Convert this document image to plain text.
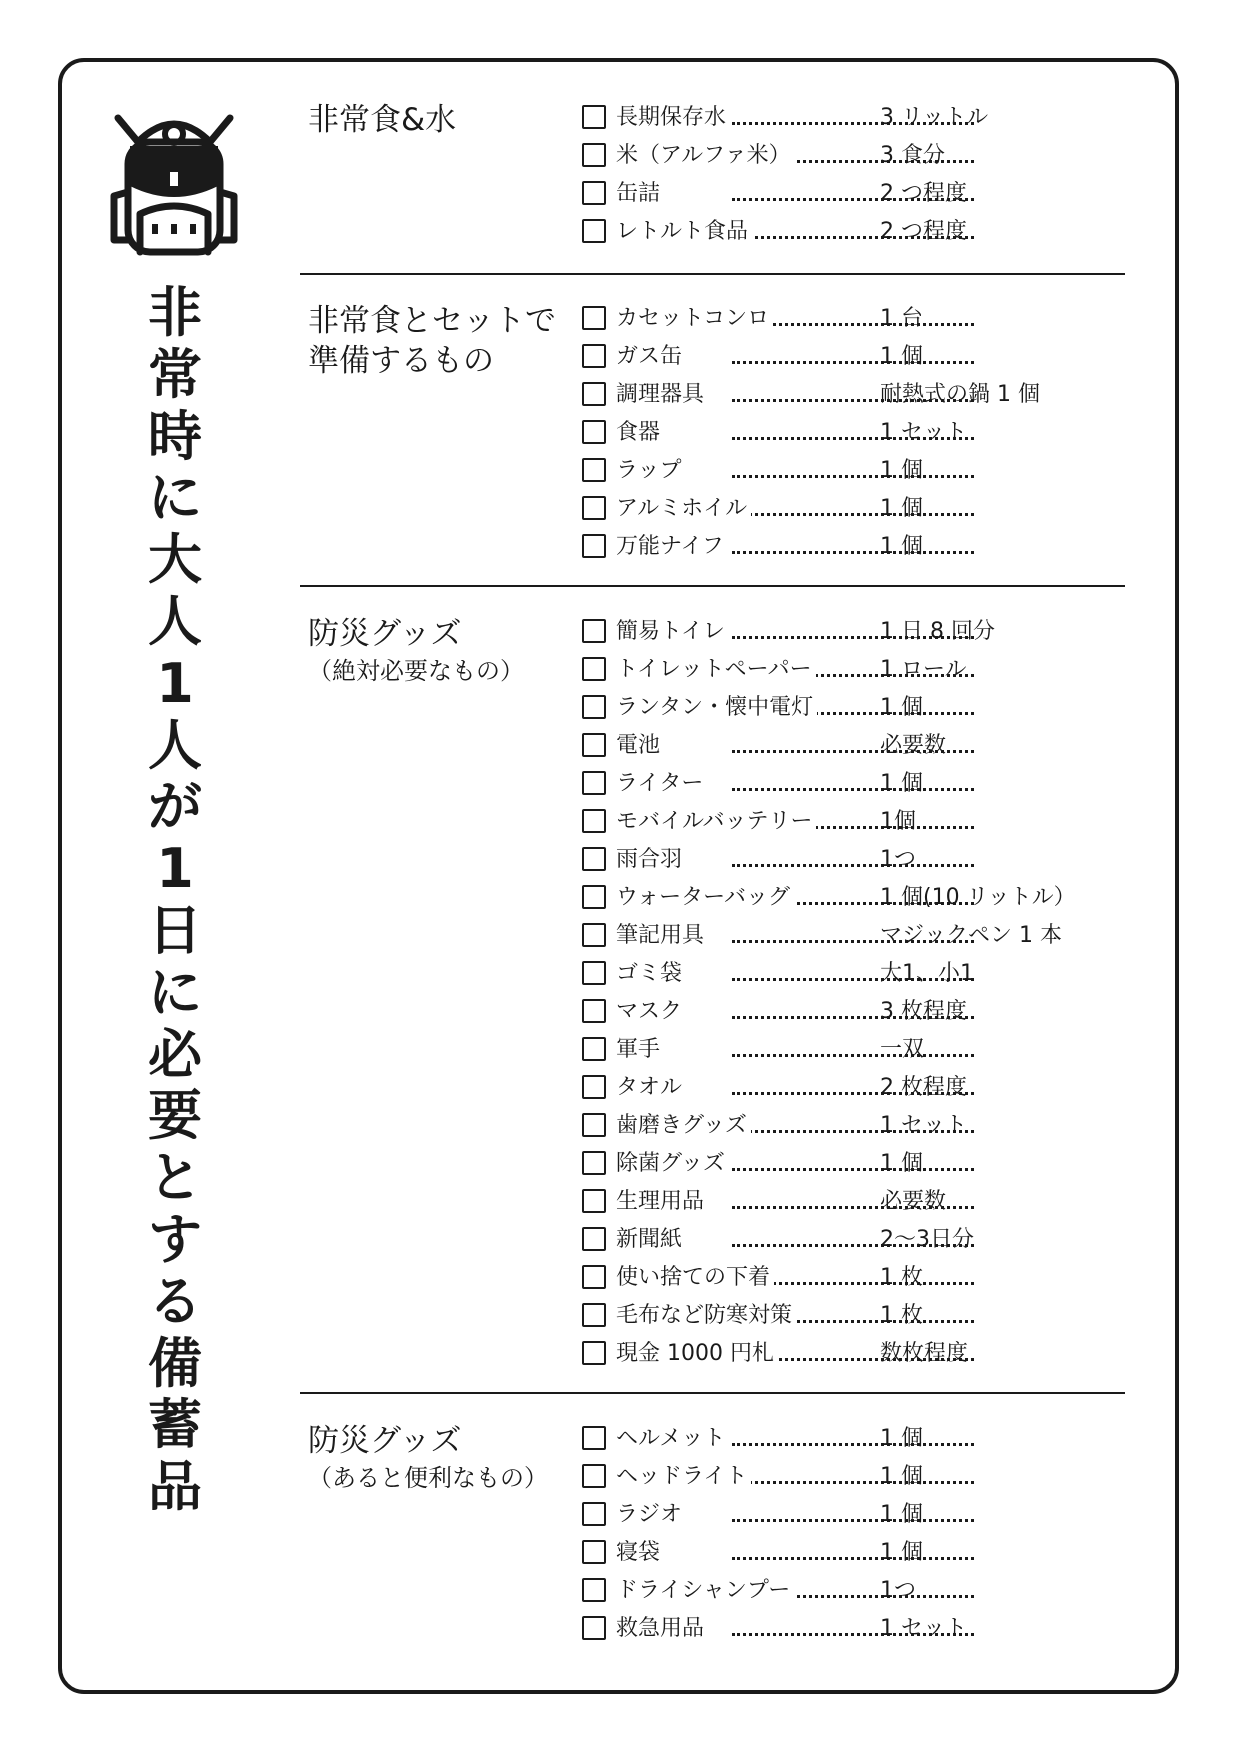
非
常
時
に
大
人
1
人
が
1
日
に
必
要
と
す
る
備
蓄
品
非常食&水	長期保存水	3 リットル
米（アルファ米）	3 食分
缶詰	2 つ程度
レトルト食品	2 つ程度
非常食とセットで
準備するもの
カセットコンロ	1 台
ガス缶	1 個
調理器具	耐熱式の鍋 1 個
食器	1 セット
ラップ	1 個
アルミホイル	1 個
万能ナイフ	1 個
防災グッズ
（絶対必要なもの）
簡易トイレ	1 日 8 回分
トイレットペーパー	1 ロール
ランタン・懐中電灯	1 個
電池	必要数
ライター	1 個
モバイルバッテリー	1個
雨合羽	1つ
ウォーターバッグ	1 個(10 リットル）
筆記用具	マジックペン 1 本
ゴミ袋	大1、小1
マスク	3 枚程度
軍手	一双
タオル	2 枚程度
歯磨きグッズ	1 セット
除菌グッズ	1 個
生理用品	必要数
新聞紙	2～3日分
使い捨ての下着	1 枚
毛布など防寒対策	1 枚
現金 1000 円札	数枚程度
防災グッズ
（あると便利なもの）
ヘルメット	1 個
ヘッドライト	1 個
ラジオ	1 個
寝袋	1 個
ドライシャンプー	1つ
救急用品	1 セット
